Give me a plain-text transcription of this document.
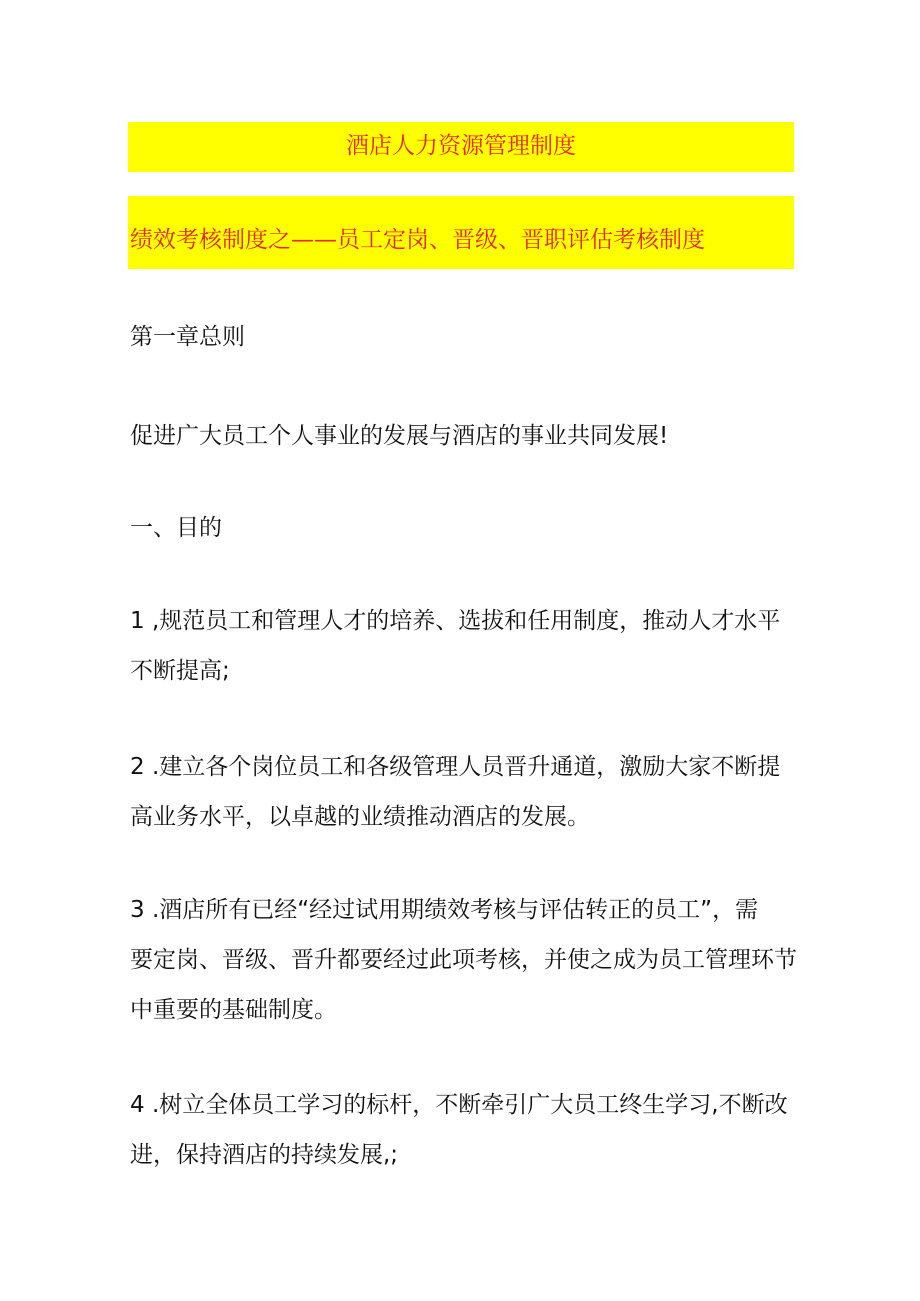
酒店人力资源管理制度
绩效考核制度之——员工定岗、晋级、晋职评估考核制度

第一章总则

促进广大员工个人事业的发展与酒店的事业共同发展!

一、目的

1 ,规范员工和管理人才的培养、选拔和任用制度，推动人才水平
不断提高;

2 .建立各个岗位员工和各级管理人员晋升通道，激励大家不断提
高业务水平，以卓越的业绩推动酒店的发展。

3 .酒店所有已经“经过试用期绩效考核与评估转正的员工”，需
要定岗、晋级、晋升都要经过此项考核，并使之成为员工管理环节
中重要的基础制度。

4 .树立全体员工学习的标杆，不断牵引广大员工终生学习,不断改
进，保持酒店的持续发展,;
